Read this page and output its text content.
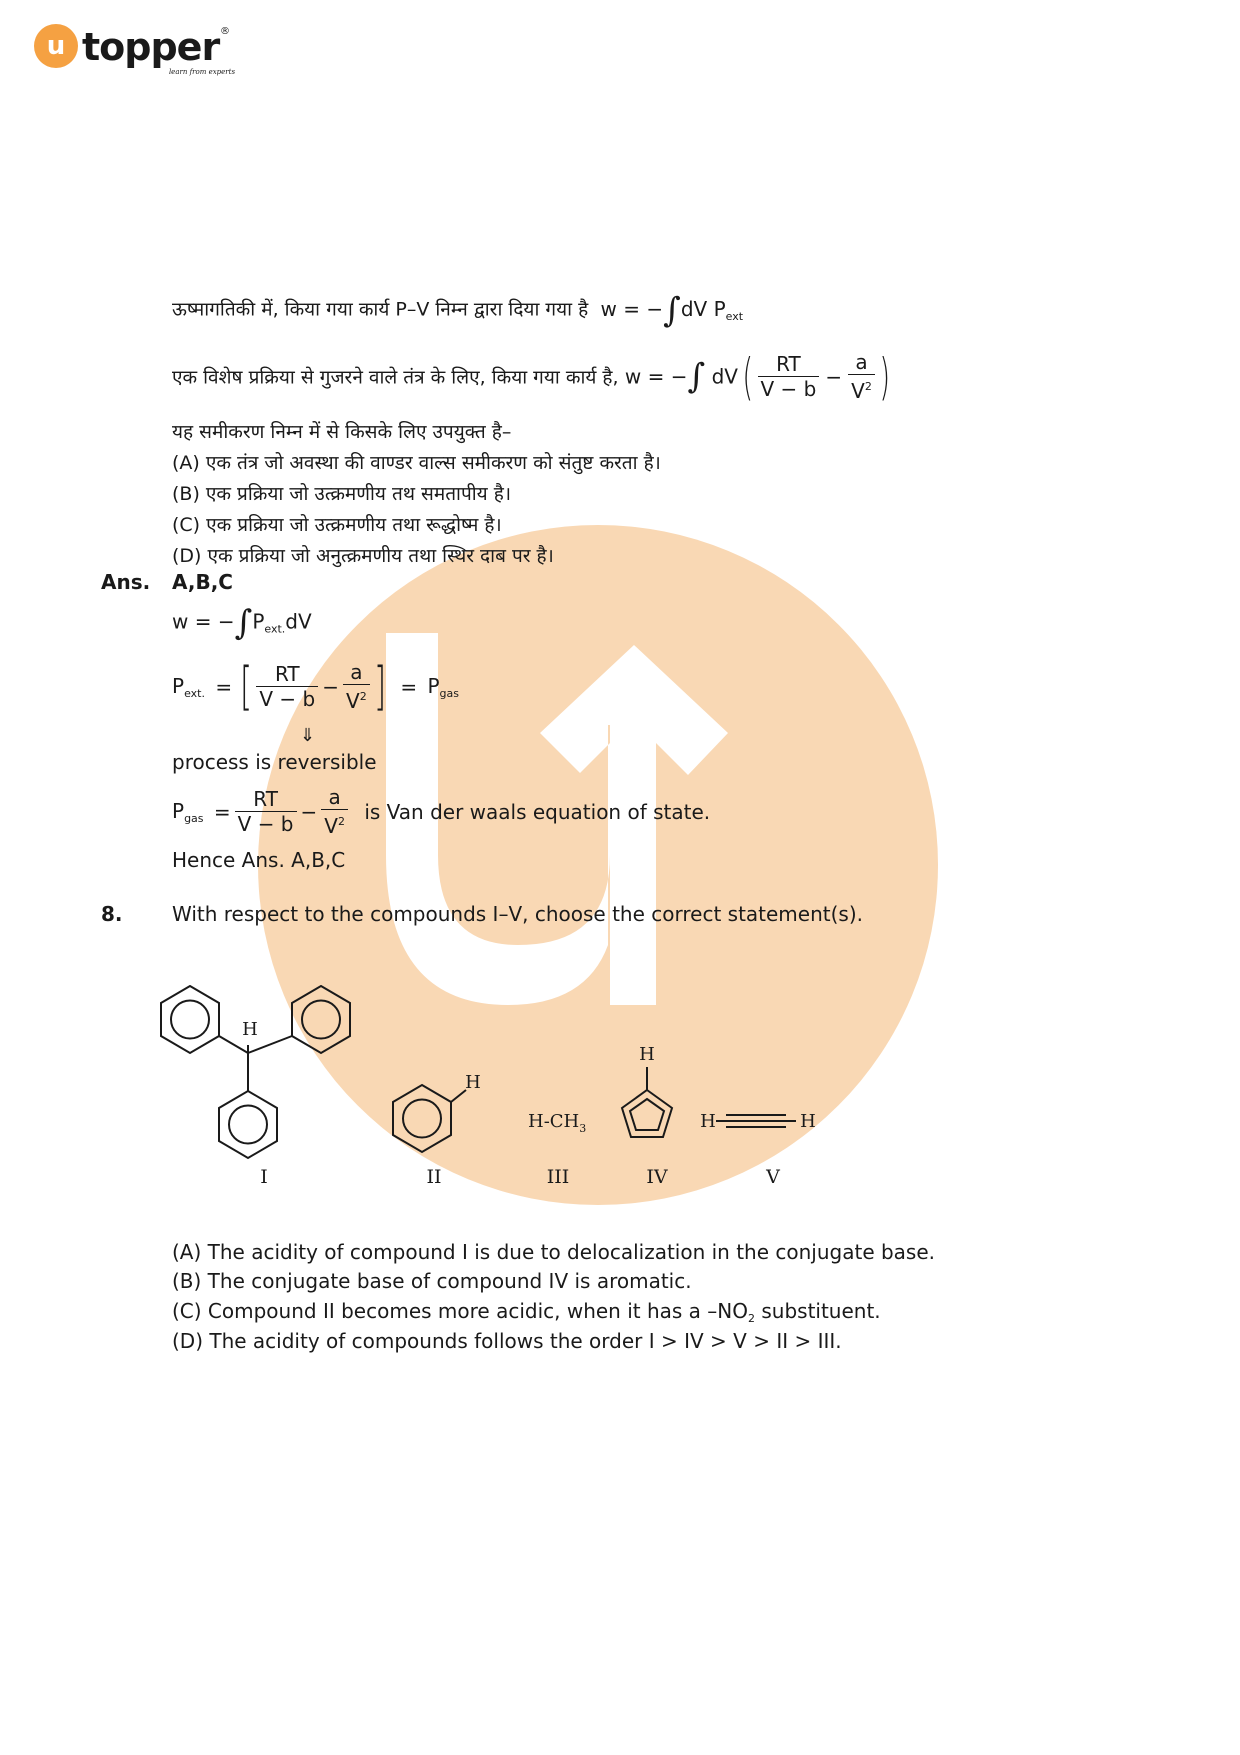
u topper ®
learn from experts
ऊष्मागतिकी में, किया गया कार्य P–V निम्न द्वारा दिया गया है w = −∫dV $P_{ext}$
एक विशेष प्रक्रिया से गुजरने वाले तंत्र के लिए, किया गया कार्य है, w = −∫ $dV( \frac{RT}{V - b} - \frac{a}{V^2}$ )
यह समीकरण निम्न में से किसके लिए उपयुक्त है–
(A) एक तंत्र जो अवस्था की वाण्डर वाल्स समीकरण को संतुष्ट करता है।
(B) एक प्रक्रिया जो उत्क्रमणीय तथ समतापीय है।
(C) एक प्रक्रिया जो उत्क्रमणीय तथा रूद्धोष्म है।
(D) एक प्रक्रिया जो अनुत्क्रमणीय तथा स्थिर दाब पर है।
Ans. A,B,C
$w = -\int P_{ext.}dV$
$P_{ext.}$ = [ $\frac{RT}{V - b} - \frac{a}{V^2}$ ] = $P_{gas}$
⇓
process is reversible
$P_{gas} = \frac{RT}{V - b} - \frac{a}{V^2}$ is Van der waals equation of state.
Hence Ans. A,B,C
8. With respect to the compounds I–V, choose the correct statement(s).
H
H
$H-CH_3$
H
H	H
I	II	III	IV	V
(A) The acidity of compound I is due to delocalization in the conjugate base.
(B) The conjugate base of compound IV is aromatic.
(C) Compound II becomes more acidic, when it has a $-NO_2$ substituent.
(D) The acidity of compounds follows the order I > IV > V > II > III.
